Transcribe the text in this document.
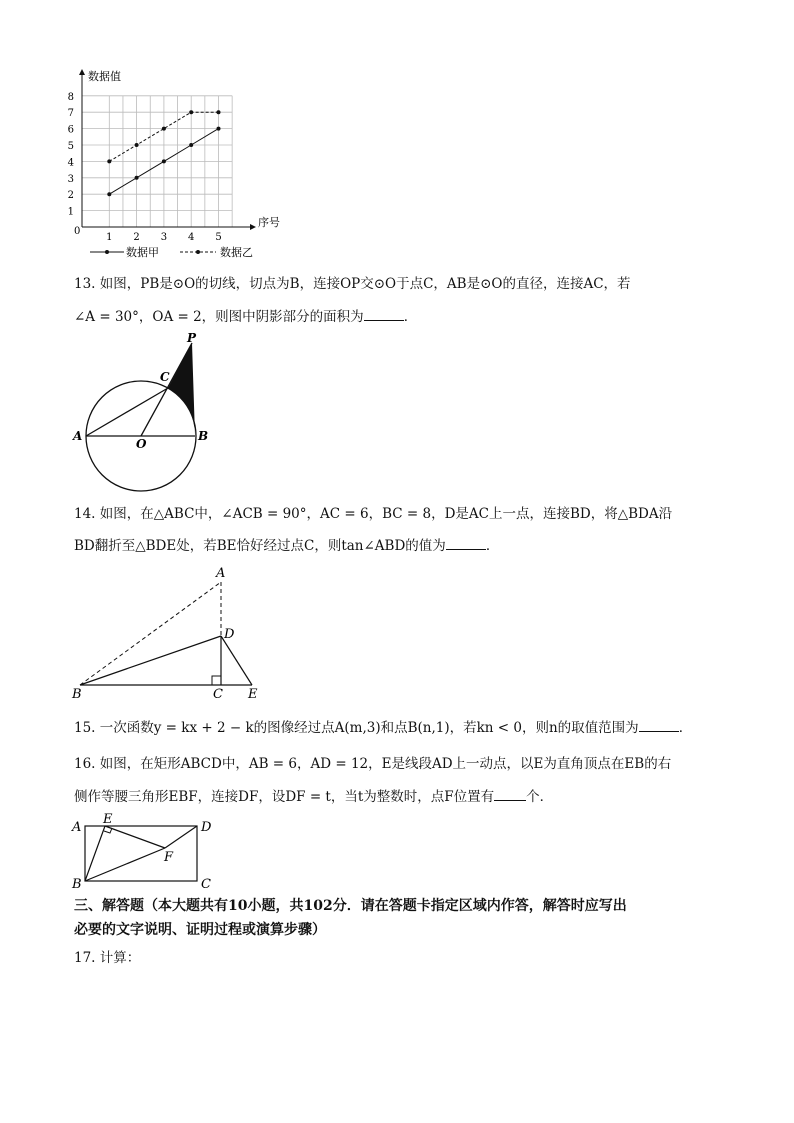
数据值
序号
0
1
2
3
4
5
6
7
8
1 2 3 4 5
数据甲	数据乙
13. 如图，PB是⊙O的切线，切点为B，连接OP交⊙O于点C，AB是⊙O的直径，连接AC，若
∠A = 30°，OA = 2，则图中阴影部分的面积为	．
P
C
A
O
B
14. 如图，在△ABC中，∠ACB = 90°，AC = 6，BC = 8，D是AC上一点，连接BD，将△BDA沿
BD翻折至△BDE处，若BE恰好经过点C，则tan∠ABD的值为	．
A
D
B	C E
15. 一次函数y = kx + 2 − k的图像经过点A(m,3)和点B(n,1)，若kn < 0，则n的取值范围为	．
16. 如图，在矩形ABCD中，AB = 6，AD = 12，E是线段AD上一动点，以E为直角顶点在EB的右
侧作等腰三角形EBF，连接DF，设DF = t，当t为整数时，点F位置有 个．
A
E
D
F
B	C
三、解答题（本大题共有10小题，共102分．请在答题卡指定区域内作答，解答时应写出
必要的文字说明、证明过程或演算步骤）
17. 计算：
